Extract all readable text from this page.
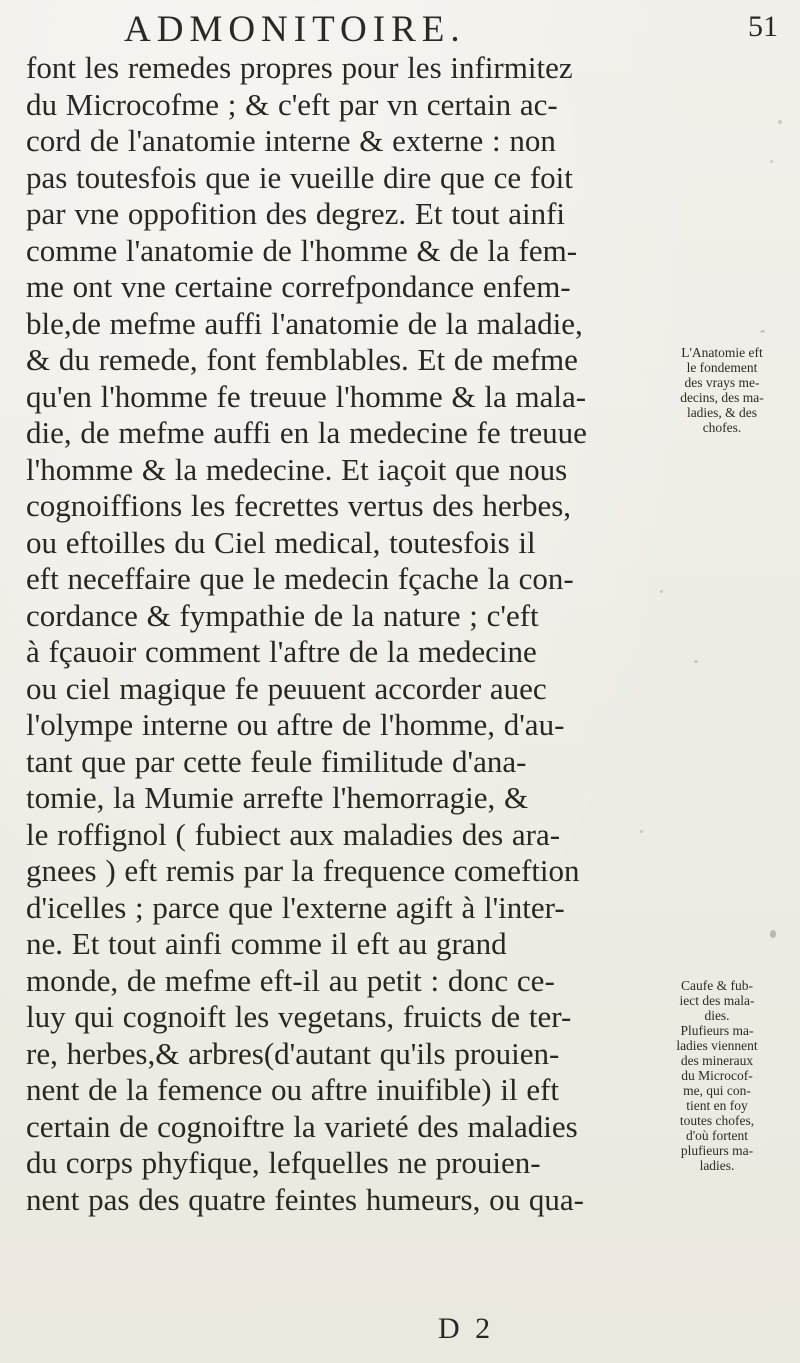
ADMONITOIRE.	51
font les remedes propres pour les infirmitez
du Microcofme ; & c'eft par vn certain ac-
cord de l'anatomie interne & externe : non
pas toutesfois que ie vueille dire que ce foit
par vne oppofition des degrez. Et tout ainfi
comme l'anatomie de l'homme & de la fem-
me ont vne certaine correfpondance enfem-
ble,de mefme auffi l'anatomie de la maladie,
& du remede, font femblables. Et de mefme
qu'en l'homme fe treuue l'homme & la mala-
die, de mefme auffi en la medecine fe treuue
l'homme & la medecine. Et iaçoit que nous
cognoiffions les fecrettes vertus des herbes,
ou eftoilles du Ciel medical, toutesfois il
eft neceffaire que le medecin fçache la con-
cordance & fympathie de la nature ; c'eft
à fçauoir comment l'aftre de la medecine
ou ciel magique fe peuuent accorder auec
l'olympe interne ou aftre de l'homme, d'au-
tant que par cette feule fimilitude d'ana-
tomie, la Mumie arrefte l'hemorragie, &
le roffignol ( fubiect aux maladies des ara-
gnees ) eft remis par la frequence comeftion
d'icelles ; parce que l'externe agift à l'inter-
ne. Et tout ainfi comme il eft au grand
monde, de mefme eft-il au petit : donc ce-
luy qui cognoift les vegetans, fruicts de ter-
re, herbes,& arbres(d'autant qu'ils prouien-
nent de la femence ou aftre inuifible) il eft
certain de cognoiftre la varieté des maladies
du corps phyfique, lefquelles ne prouien-
nent pas des quatre feintes humeurs, ou qua-
L'Anatomie eft
le fondement
des vrays me-
decins, des ma-
ladies, & des
chofes.
Caufe & fub-
iect des mala-
dies.
Plufieurs ma-
ladies viennent
des mineraux
du Microcof-
me, qui con-
tient en foy
toutes chofes,
d'où fortent
plufieurs ma-
ladies.
D 2
